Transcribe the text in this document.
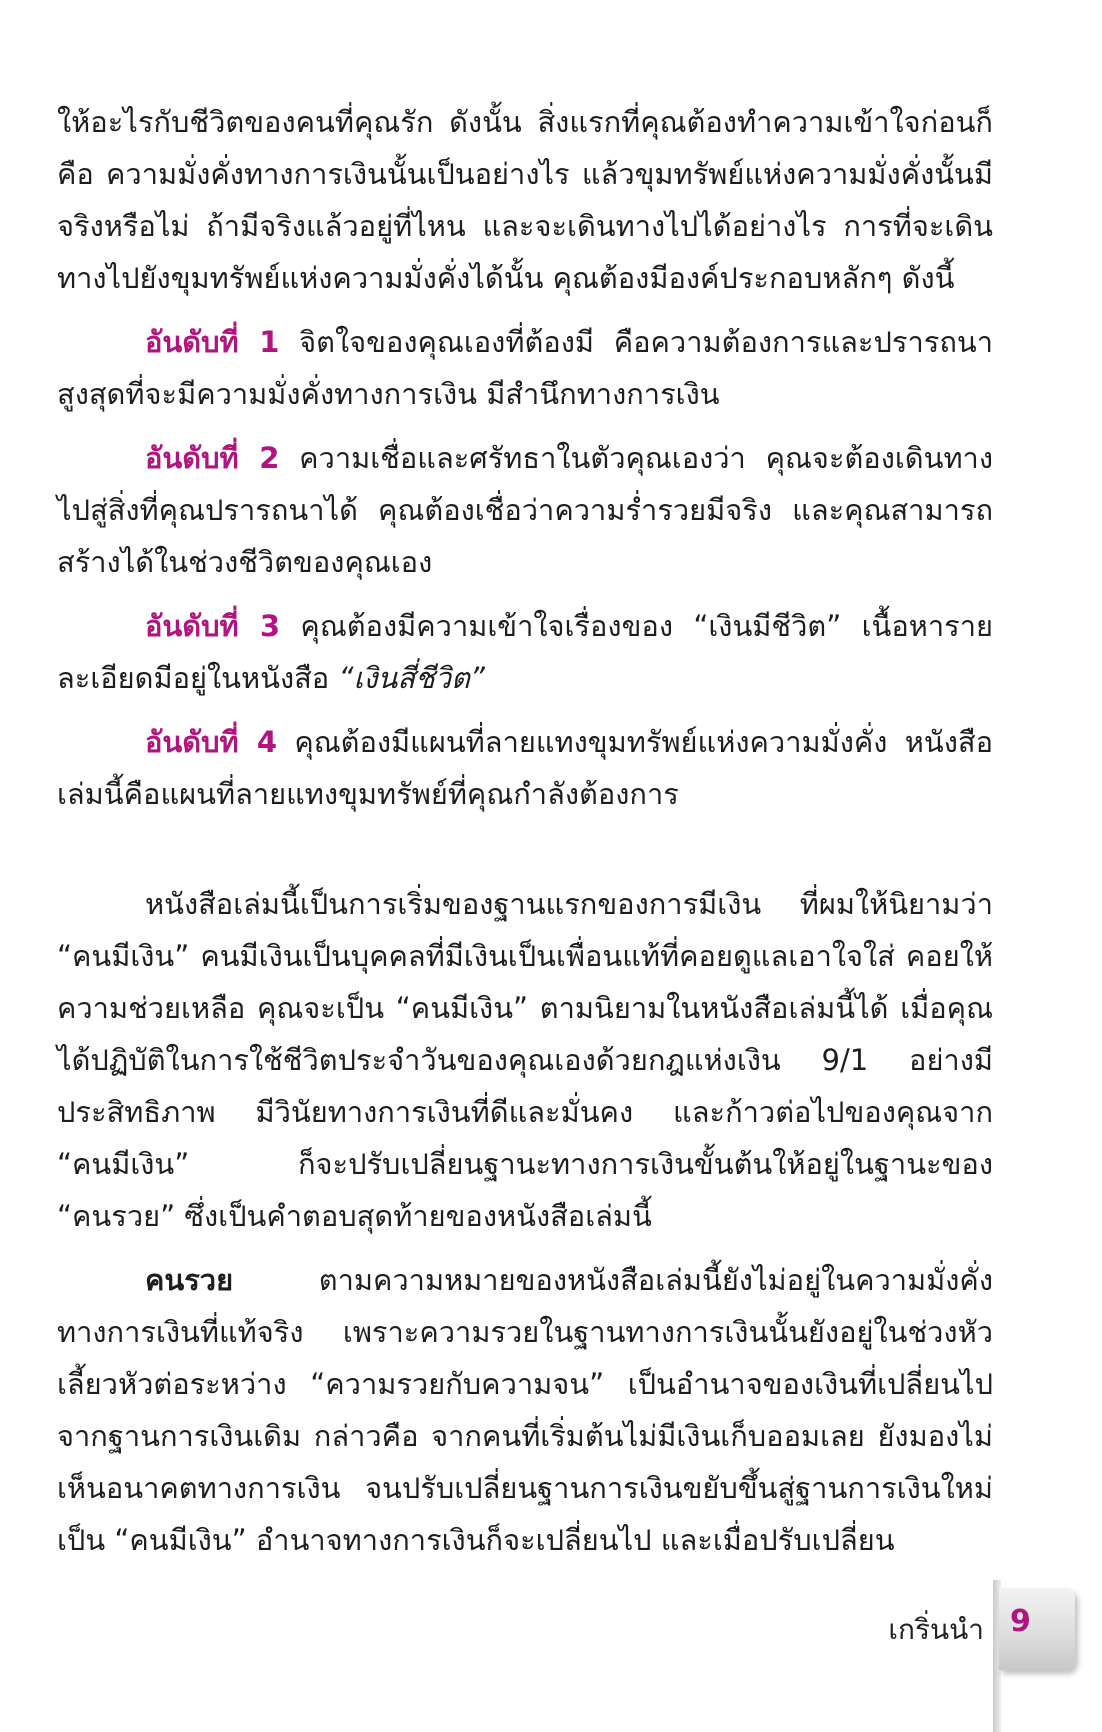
ให้อะไรกับชีวิตของคนที่คุณรัก ดังนั้น สิ่งแรกที่คุณต้องทำความเข้าใจก่อนก็คือ ความมั่งคั่งทางการเงินนั้นเป็นอย่างไร แล้วขุมทรัพย์แห่งความมั่งคั่งนั้นมีจริงหรือไม่ ถ้ามีจริงแล้วอยู่ที่ไหน และจะเดินทางไปได้อย่างไร การที่จะเดินทางไปยังขุมทรัพย์แห่งความมั่งคั่งได้นั้น คุณต้องมีองค์ประกอบหลักๆ ดังนี้

อันดับที่ 1 จิตใจของคุณเองที่ต้องมี คือความต้องการและปรารถนาสูงสุดที่จะมีความมั่งคั่งทางการเงิน มีสำนึกทางการเงิน

อันดับที่ 2 ความเชื่อและศรัทธาในตัวคุณเองว่า คุณจะต้องเดินทางไปสู่สิ่งที่คุณปรารถนาได้ คุณต้องเชื่อว่าความร่ำรวยมีจริง และคุณสามารถสร้างได้ในช่วงชีวิตของคุณเอง

อันดับที่ 3 คุณต้องมีความเข้าใจเรื่องของ “เงินมีชีวิต” เนื้อหารายละเอียดมีอยู่ในหนังสือ “เงินสี่ชีวิต”

อันดับที่ 4 คุณต้องมีแผนที่ลายแทงขุมทรัพย์แห่งความมั่งคั่ง หนังสือเล่มนี้คือแผนที่ลายแทงขุมทรัพย์ที่คุณกำลังต้องการ

หนังสือเล่มนี้เป็นการเริ่มของฐานแรกของการมีเงิน ที่ผมให้นิยามว่า “คนมีเงิน” คนมีเงินเป็นบุคคลที่มีเงินเป็นเพื่อนแท้ที่คอยดูแลเอาใจใส่ คอยให้ความช่วยเหลือ คุณจะเป็น “คนมีเงิน” ตามนิยามในหนังสือเล่มนี้ได้ เมื่อคุณได้ปฏิบัติในการใช้ชีวิตประจำวันของคุณเองด้วยกฎแห่งเงิน 9/1 อย่างมีประสิทธิภาพ มีวินัยทางการเงินที่ดีและมั่นคง และก้าวต่อไปของคุณจาก “คนมีเงิน” ก็จะปรับเปลี่ยนฐานะทางการเงินขั้นต้นให้อยู่ในฐานะของ “คนรวย” ซึ่งเป็นคำตอบสุดท้ายของหนังสือเล่มนี้

คนรวย ตามความหมายของหนังสือเล่มนี้ยังไม่อยู่ในความมั่งคั่งทางการเงินที่แท้จริง เพราะความรวยในฐานทางการเงินนั้นยังอยู่ในช่วงหัวเลี้ยวหัวต่อระหว่าง “ความรวยกับความจน” เป็นอำนาจของเงินที่เปลี่ยนไปจากฐานการเงินเดิม กล่าวคือ จากคนที่เริ่มต้นไม่มีเงินเก็บออมเลย ยังมองไม่เห็นอนาคตทางการเงิน จนปรับเปลี่ยนฐานการเงินขยับขึ้นสู่ฐานการเงินใหม่ เป็น “คนมีเงิน” อำนาจทางการเงินก็จะเปลี่ยนไป และเมื่อปรับเปลี่ยน

เกริ่นนำ 9
